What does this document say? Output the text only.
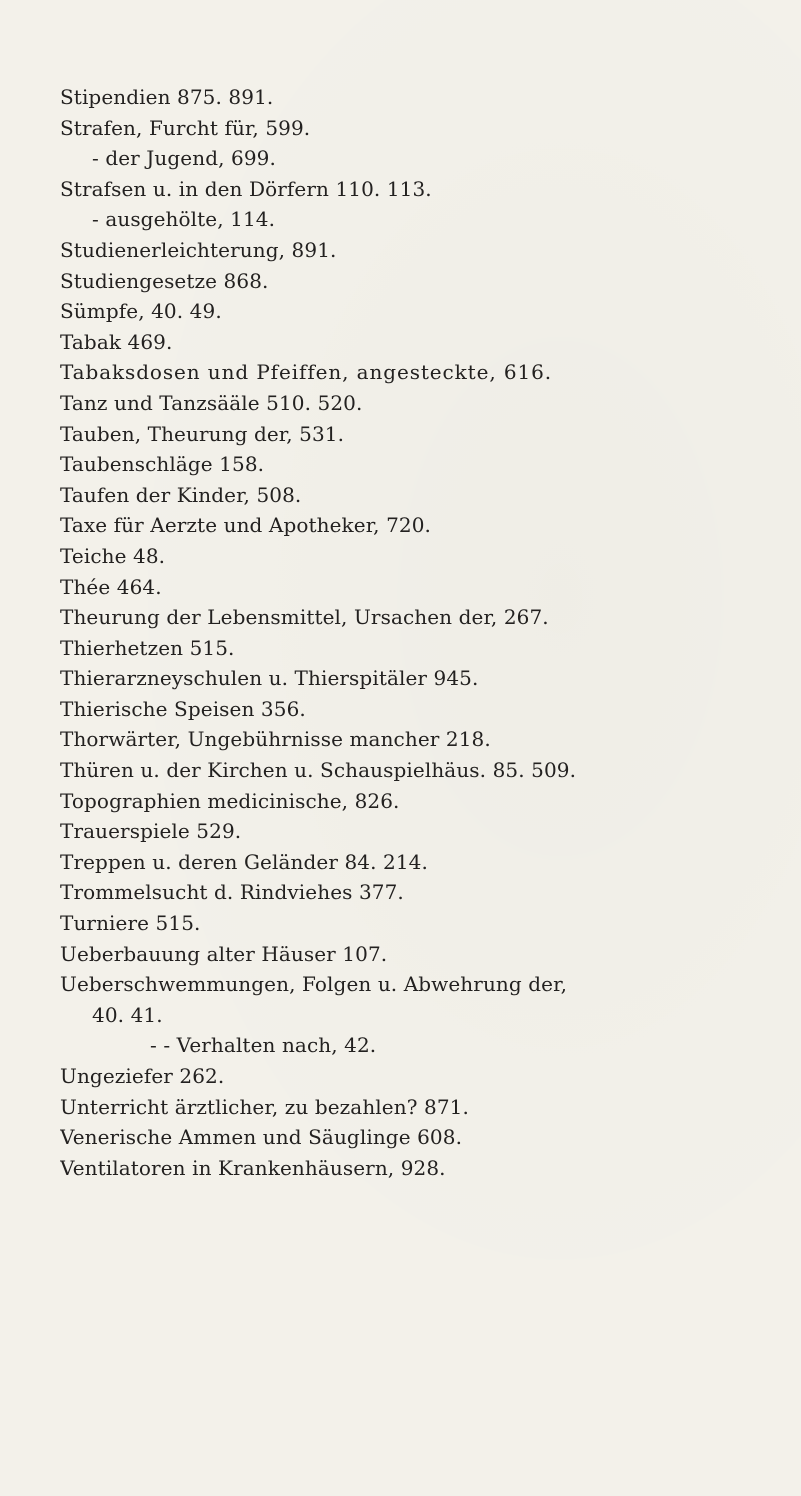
Stipendien 875. 891.
Strafen, Furcht für, 599.
- der Jugend, 699.
Strafsen u. in den Dörfern 110. 113.
- ausgehölte, 114.
Studienerleichterung, 891.
Studiengesetze 868.
Sümpfe, 40. 49.
Tabak 469.
Tabaksdosen und Pfeiffen, angesteckte, 616.
Tanz und Tanzsääle 510. 520.
Tauben, Theurung der, 531.
Taubenschläge 158.
Taufen der Kinder, 508.
Taxe für Aerzte und Apotheker, 720.
Teiche 48.
Thée 464.
Theurung der Lebensmittel, Ursachen der, 267.
Thierhetzen 515.
Thierarzneyschulen u. Thierspitäler 945.
Thierische Speisen 356.
Thorwärter, Ungebührnisse mancher 218.
Thüren u. der Kirchen u. Schauspielhäus. 85. 509.
Topographien medicinische, 826.
Trauerspiele 529.
Treppen u. deren Geländer 84. 214.
Trommelsucht d. Rindviehes 377.
Turniere 515.
Ueberbauung alter Häuser 107.
Ueberschwemmungen, Folgen u. Abwehrung der,
40. 41.
- - Verhalten nach, 42.
Ungeziefer 262.
Unterricht ärztlicher, zu bezahlen? 871.
Venerische Ammen und Säuglinge 608.
Ventilatoren in Krankenhäusern, 928.
